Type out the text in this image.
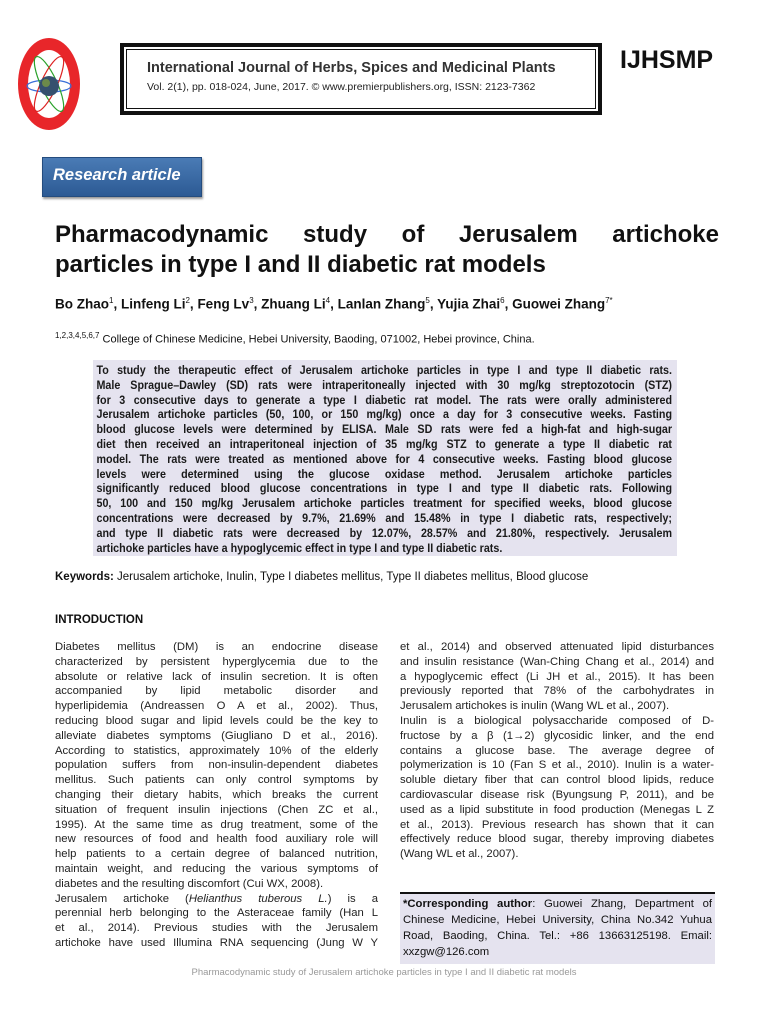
International Journal of Herbs, Spices and Medicinal Plants
Vol. 2(1), pp. 018-024, June, 2017. © www.premierpublishers.org, ISSN: 2123-7362
IJHSMP
Research article
Pharmacodynamic study of Jerusalem artichoke
particles in type I and II diabetic rat models
Bo Zhao$^1$, Linfeng Li$^2$, Feng Lv$^3$, Zhuang Li$^4$, Lanlan Zhang$^5$, Yujia Zhai$^6$, Guowei Zhang$^{7*}$
$^{1,2,3,4,5,6,7}$ College of Chinese Medicine, Hebei University, Baoding, 071002, Hebei province, China.
To study the therapeutic effect of Jerusalem artichoke particles in type I and type II diabetic rats.
Male Sprague–Dawley (SD) rats were intraperitoneally injected with 30 mg/kg streptozotocin (STZ)
for 3 consecutive days to generate a type I diabetic rat model. The rats were orally administered
Jerusalem artichoke particles (50, 100, or 150 mg/kg) once a day for 3 consecutive weeks. Fasting
blood glucose levels were determined by ELISA. Male SD rats were fed a high-fat and high-sugar
diet then received an intraperitoneal injection of 35 mg/kg STZ to generate a type II diabetic rat
model. The rats were treated as mentioned above for 4 consecutive weeks. Fasting blood glucose
levels were determined using the glucose oxidase method. Jerusalem artichoke particles
significantly reduced blood glucose concentrations in type I and type II diabetic rats. Following
50, 100 and 150 mg/kg Jerusalem artichoke particles treatment for specified weeks, blood glucose
concentrations were decreased by 9.7%, 21.69% and 15.48% in type I diabetic rats, respectively;
and type II diabetic rats were decreased by 12.07%, 28.57% and 21.80%, respectively. Jerusalem
artichoke particles have a hypoglycemic effect in type I and type II diabetic rats.
Keywords: Jerusalem artichoke, Inulin, Type I diabetes mellitus, Type II diabetes mellitus, Blood glucose
INTRODUCTION
Diabetes mellitus (DM) is an endocrine disease
characterized by persistent hyperglycemia due to the
absolute or relative lack of insulin secretion. It is often
accompanied by lipid metabolic disorder and
hyperlipidemia (Andreassen O A et al., 2002). Thus,
reducing blood sugar and lipid levels could be the key to
alleviate diabetes symptoms (Giugliano D et al., 2016).
According to statistics, approximately 10% of the elderly
population suffers from non-insulin-dependent diabetes
mellitus. Such patients can only control symptoms by
changing their dietary habits, which breaks the current
situation of frequent insulin injections (Chen ZC et al.,
1995). At the same time as drug treatment, some of the
new resources of food and health food auxiliary role will
help patients to a certain degree of balanced nutrition,
maintain weight, and reducing the various symptoms of
diabetes and the resulting discomfort (Cui WX, 2008).
Jerusalem artichoke (Helianthus tuberous L.) is a
perennial herb belonging to the Asteraceae family (Han L
et al., 2014). Previous studies with the Jerusalem
artichoke have used Illumina RNA sequencing (Jung W Y
et al., 2014) and observed attenuated lipid disturbances
and insulin resistance (Wan-Ching Chang et al., 2014) and
a hypoglycemic effect (Li JH et al., 2015). It has been
previously reported that 78% of the carbohydrates in
Jerusalem artichokes is inulin (Wang WL et al., 2007).
Inulin is a biological polysaccharide composed of D-
fructose by a β (1→2) glycosidic linker, and the end
contains a glucose base. The average degree of
polymerization is 10 (Fan S et al., 2010). Inulin is a water-
soluble dietary fiber that can control blood lipids, reduce
cardiovascular disease risk (Byungsung P, 2011), and be
used as a lipid substitute in food production (Menegas L Z
et al., 2013). Previous research has shown that it can
effectively reduce blood sugar, thereby improving diabetes
(Wang WL et al., 2007).
*Corresponding author: Guowei Zhang, Department of
Chinese Medicine, Hebei University, China No.342 Yuhua
Road, Baoding, China. Tel.: +86 13663125198. Email:
xxzgw@126.com
Pharmacodynamic study of Jerusalem artichoke particles in type I and II diabetic rat models
